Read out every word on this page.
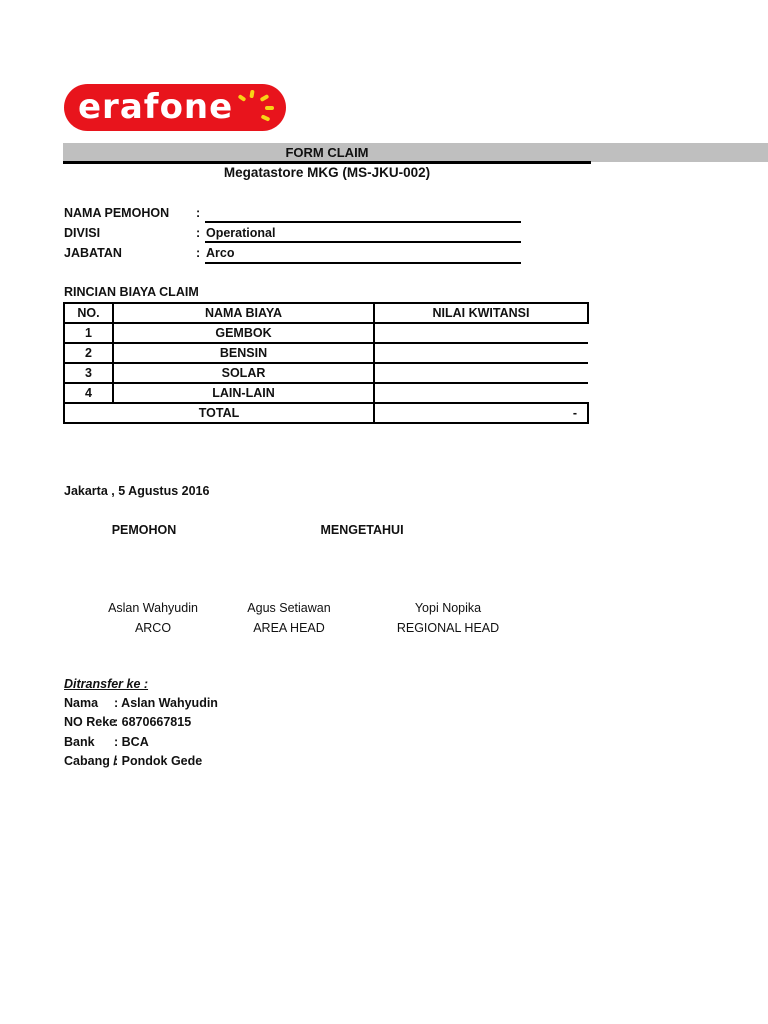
erafone
FORM CLAIM
Megatastore MKG (MS-JKU-002)
NAMA PEMOHON :
DIVISI	: Operational
JABATAN	: Arco
RINCIAN BIAYA CLAIM
NO.	NAMA BIAYA	NILAI KWITANSI
1	GEMBOK	
2	BENSIN	
3	SOLAR	
4	LAIN-LAIN	
TOTAL		-
Jakarta , 5 Agustus 2016
PEMOHON	MENGETAHUI
Aslan Wahyudin
ARCO
Agus Setiawan
AREA HEAD
Yopi Nopika
REGIONAL HEAD
Ditransfer ke :
Nama : Aslan Wahyudin
NO Reke
: 6870667815
Bank : BCA
Cabang /
: Pondok Gede
